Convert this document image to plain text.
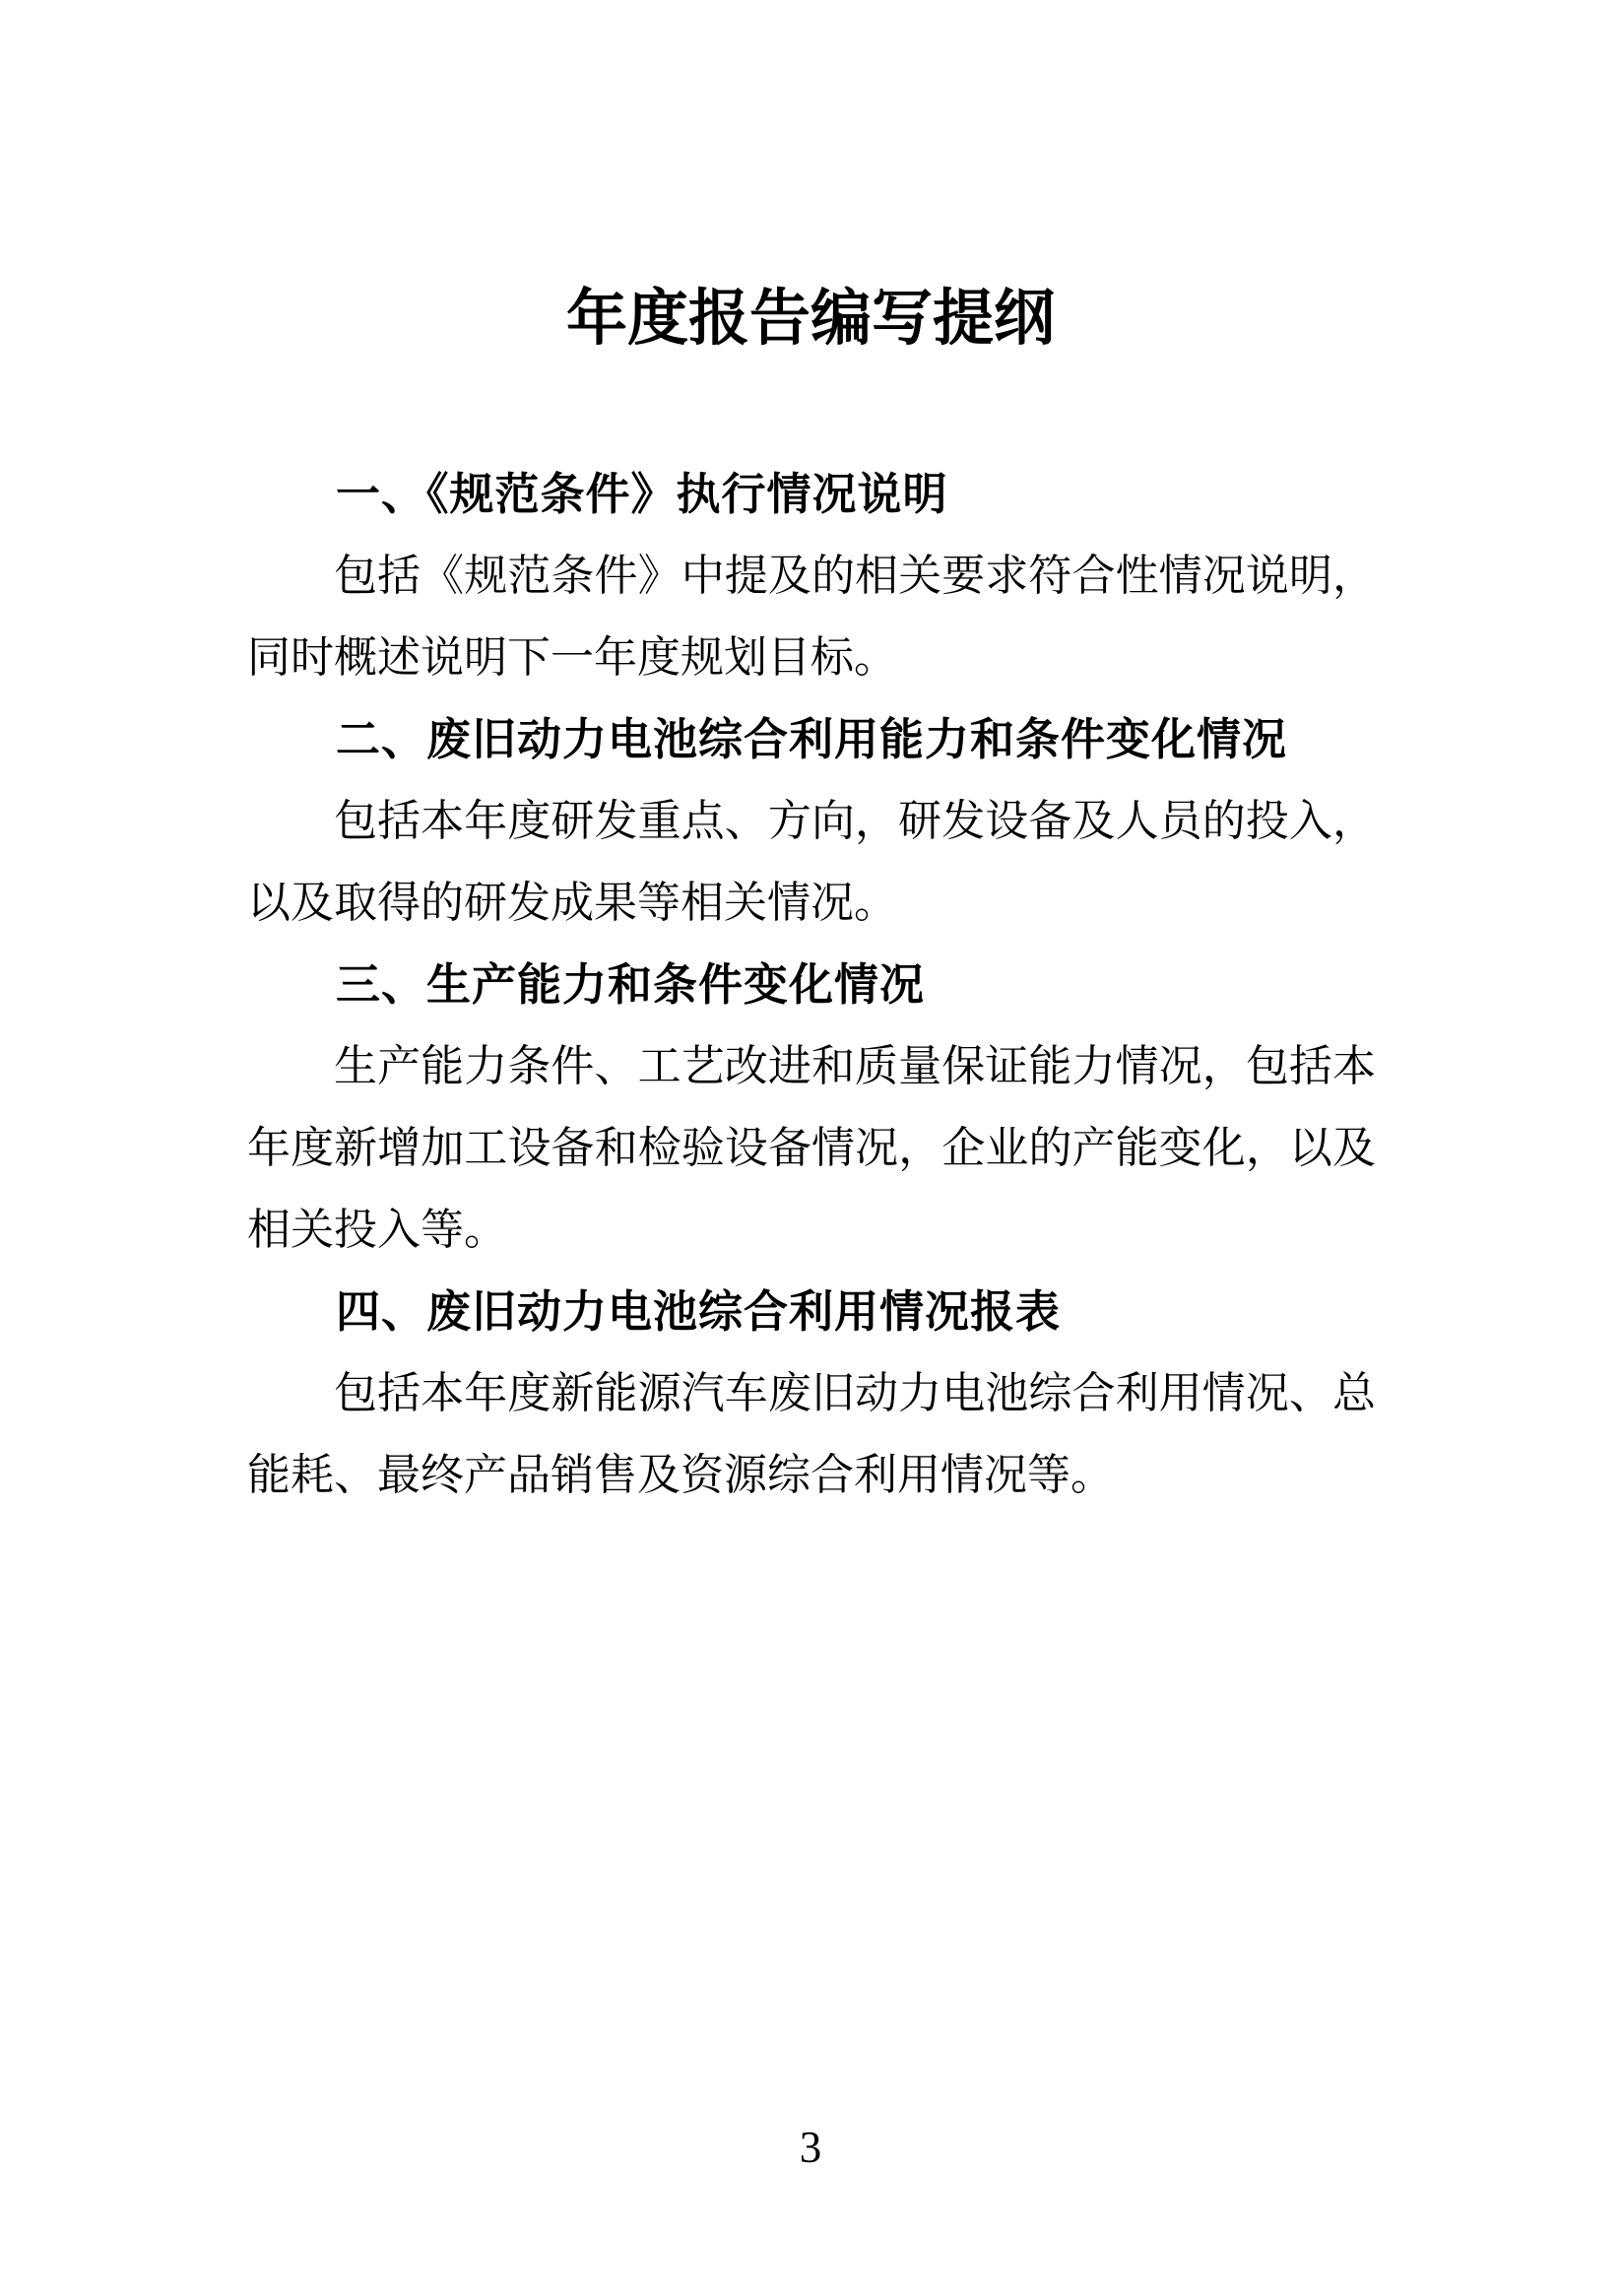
年度报告编写提纲
一、《规范条件》执行情况说明
包括《规范条件》中提及的相关要求符合性情况说明，同时概述说明下一年度规划目标。
二、废旧动力电池综合利用能力和条件变化情况
包括本年度研发重点、方向，研发设备及人员的投入，以及取得的研发成果等相关情况。
三、生产能力和条件变化情况
生产能力条件、工艺改进和质量保证能力情况，包括本年度新增加工设备和检验设备情况，企业的产能变化，以及相关投入等。
四、废旧动力电池综合利用情况报表
包括本年度新能源汽车废旧动力电池综合利用情况、总能耗、最终产品销售及资源综合利用情况等。
3
